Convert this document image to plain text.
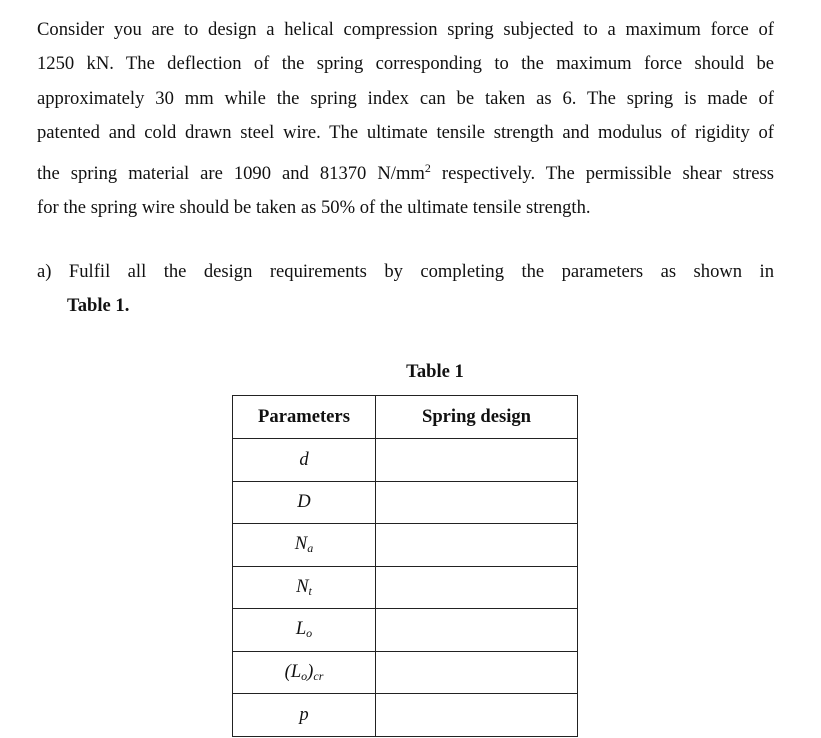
Consider you are to design a helical compression spring subjected to a maximum force of
1250 kN. The deflection of the spring corresponding to the maximum force should be
approximately 30 mm while the spring index can be taken as 6. The spring is made of
patented and cold drawn steel wire. The ultimate tensile strength and modulus of rigidity of
the spring material are 1090 and 81370 $N/mm^2$ respectively. The permissible shear stress
for the spring wire should be taken as 50% of the ultimate tensile strength.

a) Fulfil all the design requirements by completing the parameters as shown in
Table 1.

Table 1
Parameters	Spring design
d	
D	
$N_a$	
$N_t$	
$L_o$	
$(L_o)_{cr}$	
p	
